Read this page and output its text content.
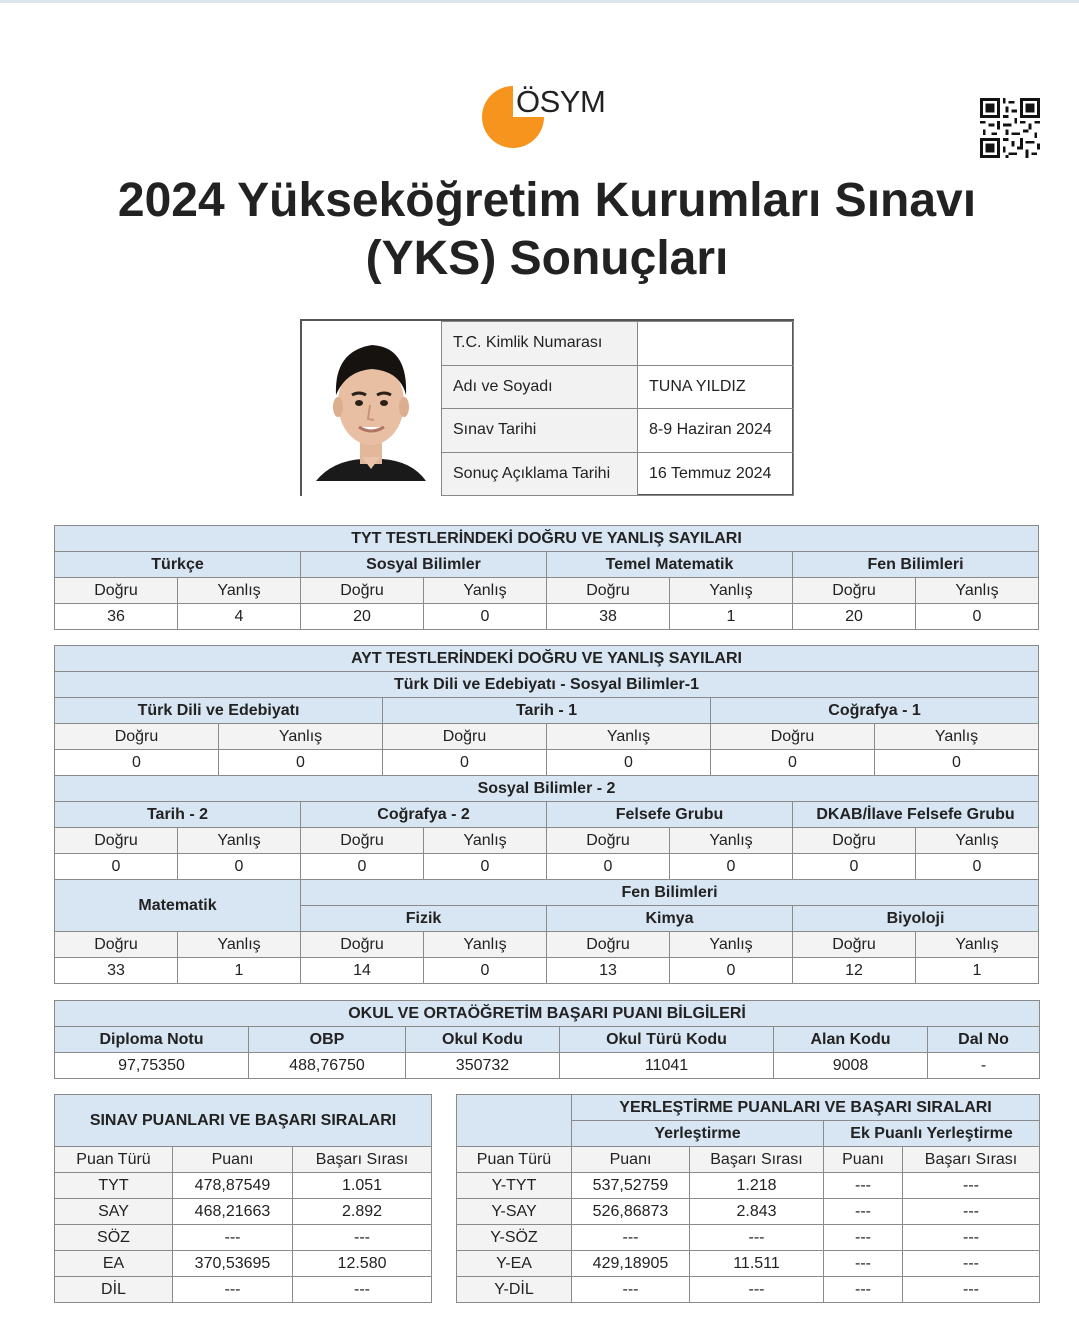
ÖSYM
2024 Yükseköğretim Kurumları Sınavı
(YKS) Sonuçları
T.C. Kimlik Numarası	
Adı ve Soyadı	TUNA YILDIZ
Sınav Tarihi	8-9 Haziran 2024
Sonuç Açıklama Tarihi	16 Temmuz 2024
TYT TESTLERİNDEKİ DOĞRU VE YANLIŞ SAYILARI							
Türkçe		Sosyal Bilimler		Temel Matematik		Fen Bilimleri	
Doğru	Yanlış	Doğru	Yanlış	Doğru	Yanlış	Doğru	Yanlış
36	4	20	0	38	1	20	0
AYT TESTLERİNDEKİ DOĞRU VE YANLIŞ SAYILARI											
Türk Dili ve Edebiyatı - Sosyal Bilimler-1											
Türk Dili ve Edebiyatı				Tarih - 1				Coğrafya - 1			
Doğru		Yanlış		Doğru		Yanlış		Doğru		Yanlış	
0		0		0		0		0		0	
Sosyal Bilimler - 2											
Tarih - 2			Coğrafya - 2			Felsefe Grubu			DKAB/İlave Felsefe Grubu		
Doğru	Yanlış		Doğru		Yanlış	Doğru	Yanlış		Doğru		Yanlış
0	0		0		0	0	0		0		0
Matematik			Fen Bilimleri								
			Fizik			Kimya			Biyoloji		
Doğru	Yanlış		Doğru		Yanlış	Doğru	Yanlış		Doğru		Yanlış
33	1		14		0	13	0		12		1
OKUL VE ORTAÖĞRETİM BAŞARI PUANI BİLGİLERİ					
Diploma Notu	OBP	Okul Kodu	Okul Türü Kodu	Alan Kodu	Dal No
97,75350	488,76750	350732	11041	9008	-
SINAV PUANLARI VE BAŞARI SIRALARI		
Puan Türü	Puanı	Başarı Sırası
TYT	478,87549	1.051
SAY	468,21663	2.892
SÖZ	---	---
EA	370,53695	12.580
DİL	---	---
	YERLEŞTİRME PUANLARI VE BAŞARI SIRALARI			
	Yerleştirme		Ek Puanlı Yerleştirme	
Puan Türü	Puanı	Başarı Sırası	Puanı	Başarı Sırası
Y-TYT	537,52759	1.218	---	---
Y-SAY	526,86873	2.843	---	---
Y-SÖZ	---	---	---	---
Y-EA	429,18905	11.511	---	---
Y-DİL	---	---	---	---
